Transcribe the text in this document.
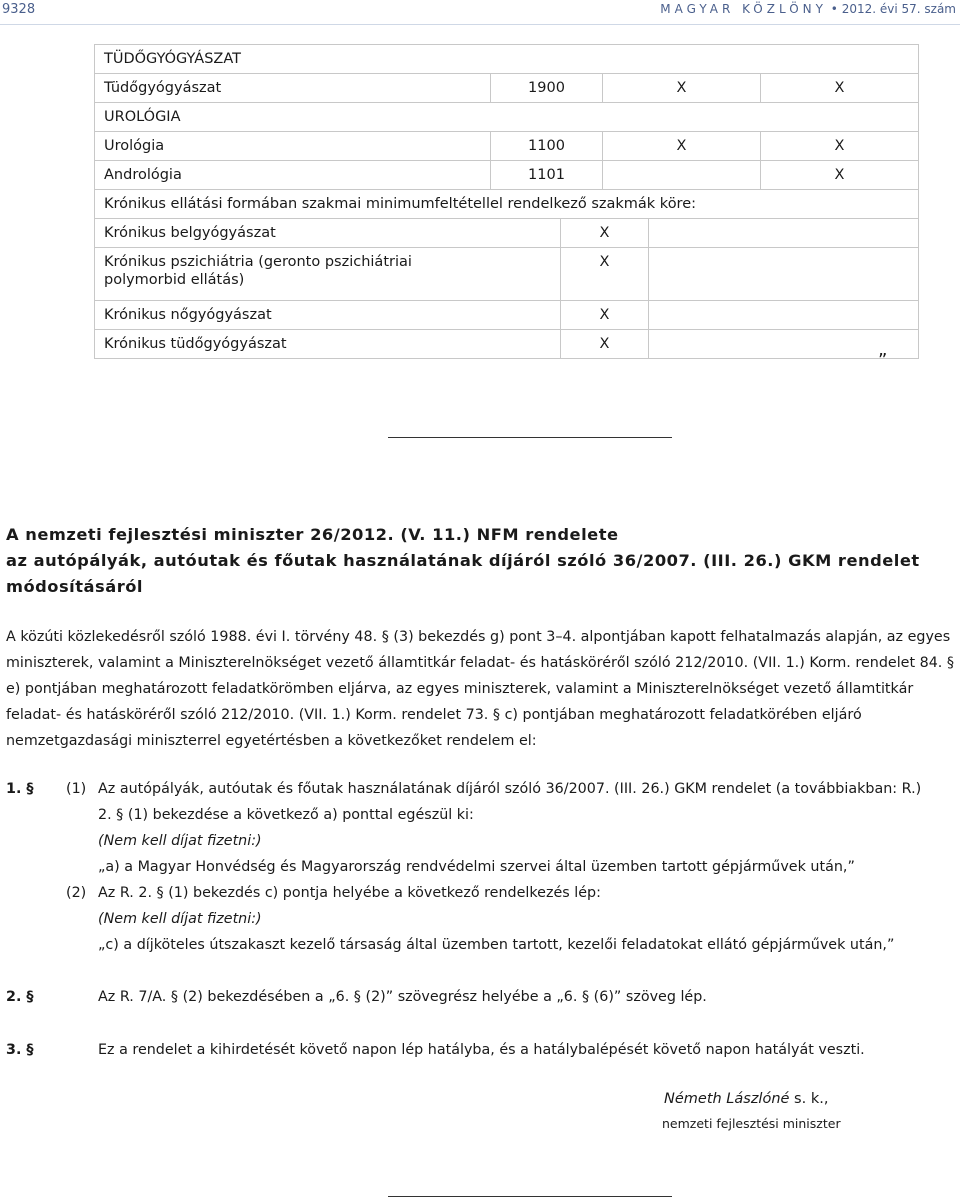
9328	MAGYAR KÖZLÖNY • 2012. évi 57. szám
TÜDŐGYÓGYÁSZAT			

Tüdőgyógyászat	1900	X	X

UROLÓGIA			

Urológia	1100	X	X

Andrológia	1101		X

Krónikus ellátási formában szakmai minimumfeltétellel rendelkező szakmák köre:			
Krónikus belgyógyászat	X	

Krónikus pszichiátria (geronto pszichiátriai
polymorbid ellátás)	X	

Krónikus nőgyógyászat	X	

Krónikus tüdőgyógyászat	X	

”
A nemzeti fejlesztési miniszter 26/2012. (V. 11.) NFM rendelete
az autópályák, autóutak és főutak használatának díjáról szóló 36/2007. (III. 26.) GKM rendelet
módosításáról
A közúti közlekedésről szóló 1988. évi I. törvény 48. § (3) bekezdés g) pont 3–4. alpontjában kapott felhatalmazás alapján, az egyes
miniszterek, valamint a Miniszterelnökséget vezető államtitkár feladat- és hatásköréről szóló 212/2010. (VII. 1.) Korm. rendelet 84. §
e) pontjában meghatározott feladatkörömben eljárva, az egyes miniszterek, valamint a Miniszterelnökséget vezető államtitkár
feladat- és hatásköréről szóló 212/2010. (VII. 1.) Korm. rendelet 73. § c) pontjában meghatározott feladatkörében eljáró
nemzetgazdasági miniszterrel egyetértésben a következőket rendelem el:
1. § (1) Az autópályák, autóutak és főutak használatának díjáról szóló 36/2007. (III. 26.) GKM rendelet (a továbbiakban: R.)
2. § (1) bekezdése a következő a) ponttal egészül ki:
(Nem kell díjat fizetni:)
„a) a Magyar Honvédség és Magyarország rendvédelmi szervei által üzemben tartott gépjárművek után,”
(2) Az R. 2. § (1) bekezdés c) pontja helyébe a következő rendelkezés lép:
(Nem kell díjat fizetni:)
„c) a díjköteles útszakaszt kezelő társaság által üzemben tartott, kezelői feladatokat ellátó gépjárművek után,”
2. §	Az R. 7/A. § (2) bekezdésében a „6. § (2)” szövegrész helyébe a „6. § (6)” szöveg lép.
3. §	Ez a rendelet a kihirdetését követő napon lép hatályba, és a hatálybalépését követő napon hatályát veszti.
Németh Lászlóné s. k.,
nemzeti fejlesztési miniszter
